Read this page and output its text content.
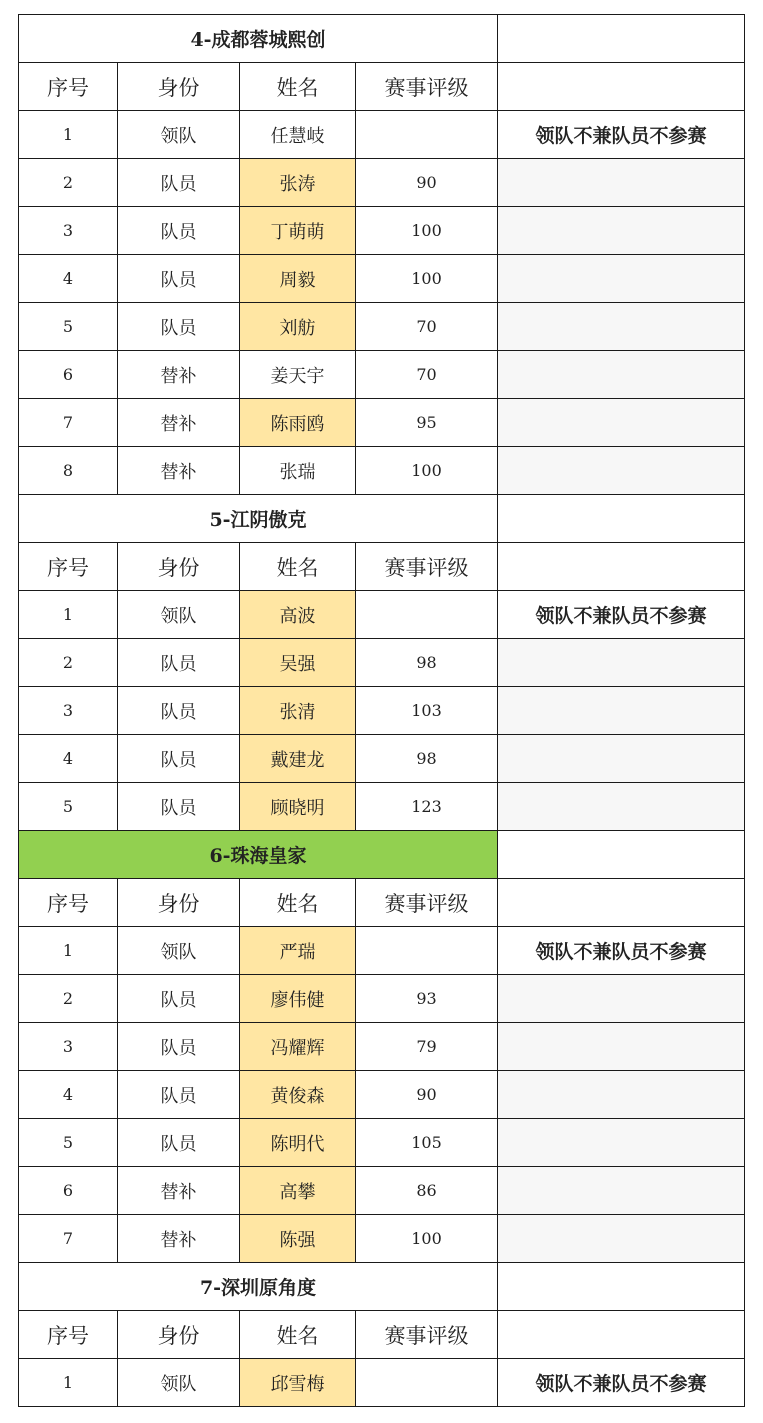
4-成都蓉城熙创				
序号	身份	姓名	赛事评级	
1	领队	任慧岐		领队不兼队员不参赛
2	队员	张涛	90	
3	队员	丁萌萌	100	
4	队员	周毅	100	
5	队员	刘舫	70	
6	替补	姜天宇	70	
7	替补	陈雨鸥	95	
8	替补	张瑞	100	
5-江阴傲克				
序号	身份	姓名	赛事评级	
1	领队	高波		领队不兼队员不参赛
2	队员	吴强	98	
3	队员	张清	103	
4	队员	戴建龙	98	
5	队员	顾晓明	123	
6-珠海皇家				
序号	身份	姓名	赛事评级	
1	领队	严瑞		领队不兼队员不参赛
2	队员	廖伟健	93	
3	队员	冯耀辉	79	
4	队员	黄俊森	90	
5	队员	陈明代	105	
6	替补	高攀	86	
7	替补	陈强	100	
7-深圳原角度				
序号	身份	姓名	赛事评级	
1	领队	邱雪梅		领队不兼队员不参赛
